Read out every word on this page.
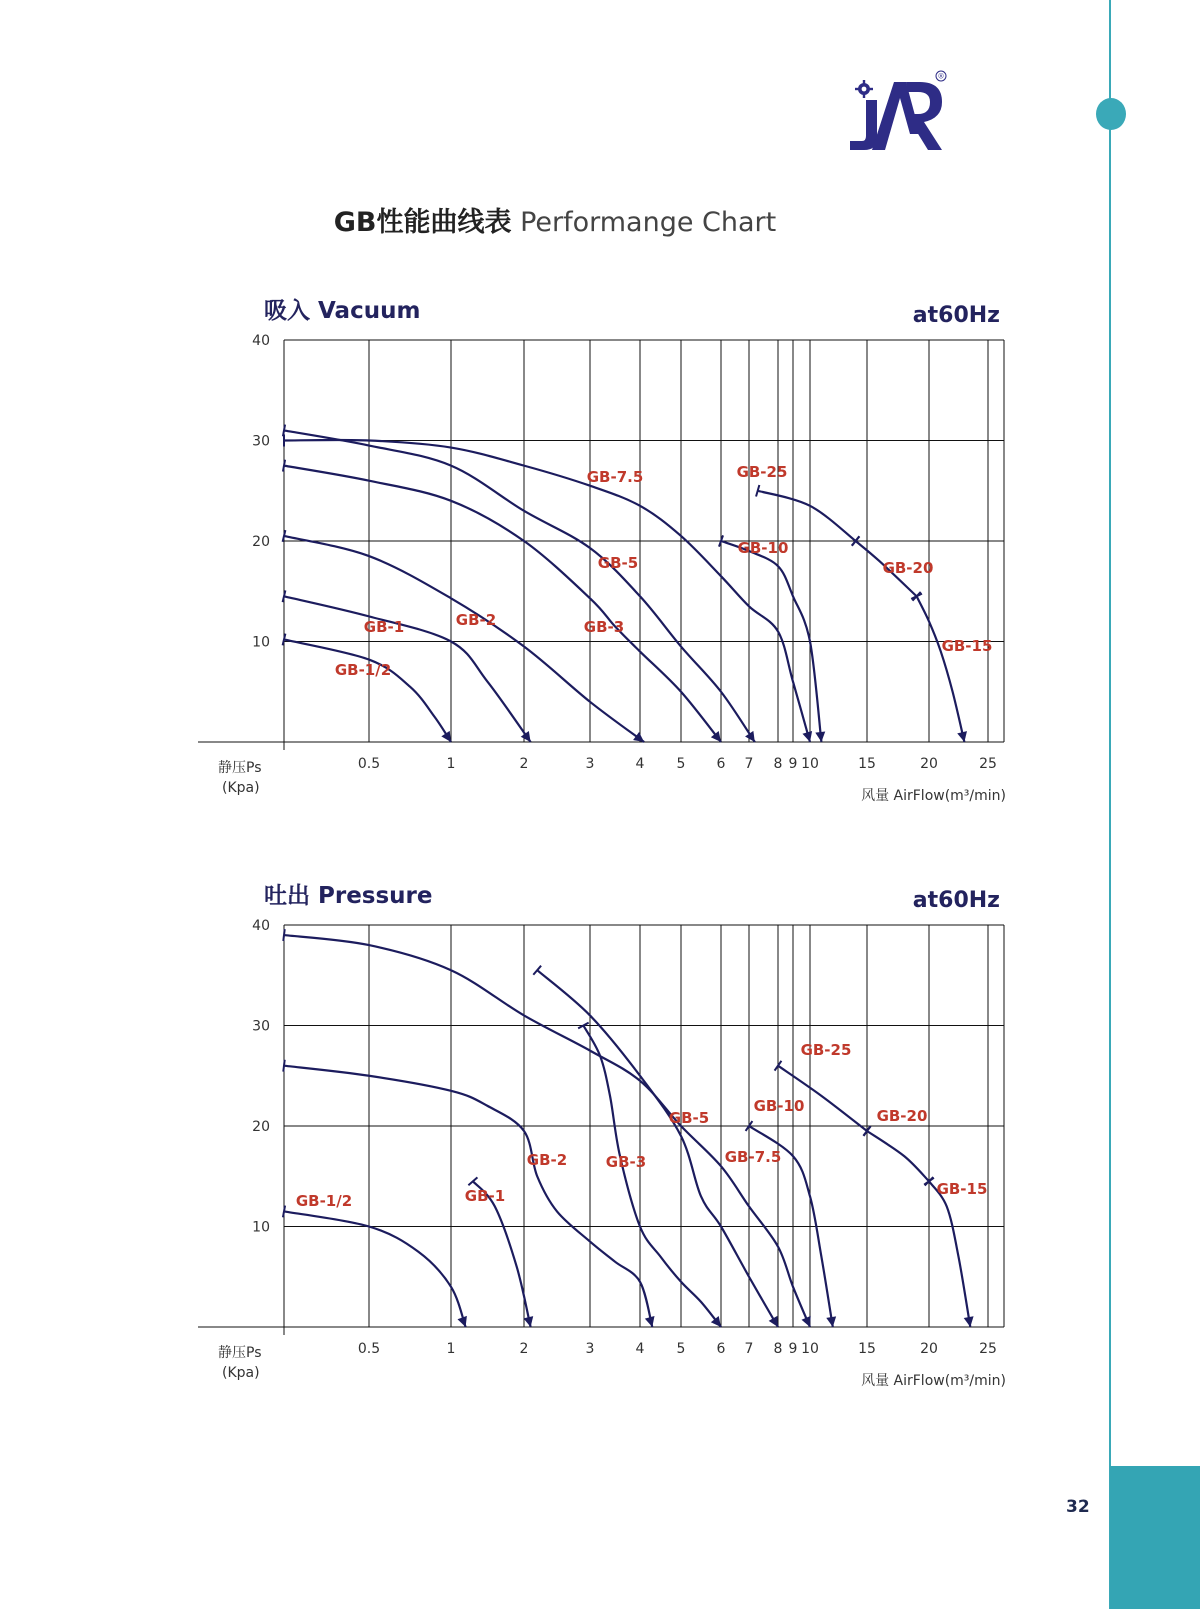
32
®
GB性能曲线表 Performange Chart
吸入 Vacuum	at60Hz
静压Ps
(Kpa)	风量 AirFlow(m³/min)
10
20
30
40
0.5	1	2	3	4 5 6 7 8 9 10	15	20	25
GB-1/2
GB-1	GB-2	GB-3
GB-5
GB-7.5
GB-10
GB-25
GB-20
GB-15
吐出 Pressure	at60Hz
静压Ps
(Kpa)	风量 AirFlow(m³/min)
10
20
30
40
0.5	1	2	3	4 5 6 7 8 9 10	15	20	25
GB-1/2	GB-1
GB-2	GB-3
GB-5
GB-7.5
GB-10
GB-25
GB-20
GB-15
